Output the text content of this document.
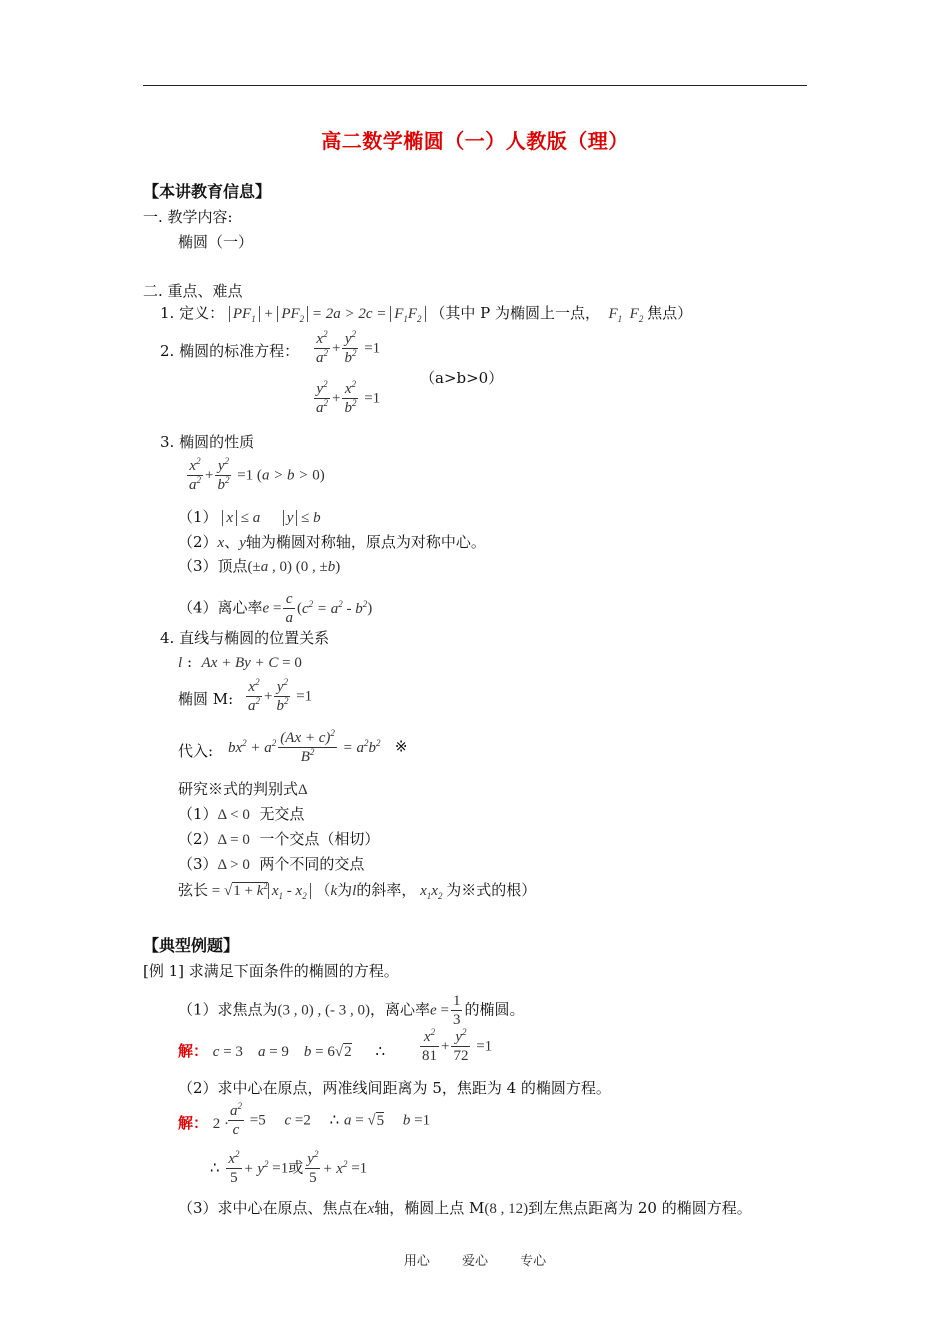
高二数学椭圆（一）人教版（理）
【本讲教育信息】
一. 教学内容:
椭圆（一）
二. 重点、难点
1. 定义： $PF_1 + PF_2 = 2a > 2c = F_1F_2$ （其中 P 为椭圆上一点，  $F_1$  $F_2$ 焦点）
2. 椭圆的标准方程： $\frac{x^2}{a^2} + \frac{y^2}{b^2} =1$
（a>b>0）
$\frac{y^2}{a^2} + \frac{x^2}{b^2} =1$
3. 椭圆的性质
$\frac{x^2}{a^2} + \frac{y^2}{b^2} =1$ (a > b > 0)
（1） x ≤ a      y ≤ b
（2）x、y轴为椭圆对称轴，原点为对称中心。
（3）顶点(±a , 0) (0 , ±b)
（4）离心率$e = \frac{c}{a} (c^2 = a^2 - b^2)$
4. 直线与椭圆的位置关系
l :  Ax + By + C = 0
椭圆 M: $\frac{x^2}{a^2} + \frac{y^2}{b^2} =1$
代入: $bx^2 + a^2 \frac{(Ax + c)^2}{B^2} = a^2b^2$   ※
研究※式的判别式Δ
（1）Δ < 0 无交点
（2）Δ = 0 一个交点（相切）
（3）Δ > 0 两个不同的交点
弦长 = $√1 + k^2$ $x_1 - x_2$ （k为l的斜率， $x_1x_2$ 为※式的根）
【典型例题】
[例 1] 求满足下面条件的椭圆的方程。
（1）求焦点为(3 , 0) , (- 3 , 0)，离心率$e = \frac{1}{3}$ 的椭圆。
解： c = 3    a = 9    b = 6√2 ∴ $\frac{x^2}{81} + \frac{y^2}{72} =1$
（2）求中心在原点，两准线间距离为 5，焦距为 4 的椭圆方程。
解： 2 ·
$\frac{a^2}{c} =5$     c =2     ∴ a = √5 b =1
∴ $\frac{x^2}{5} + y^2 =1$或 $\frac{y^2}{5} + x^2 =1$
（3）求中心在原点、焦点在x轴，椭圆上点 M(8 , 12)到左焦点距离为 20 的椭圆方程。
用心 爱心 专心
